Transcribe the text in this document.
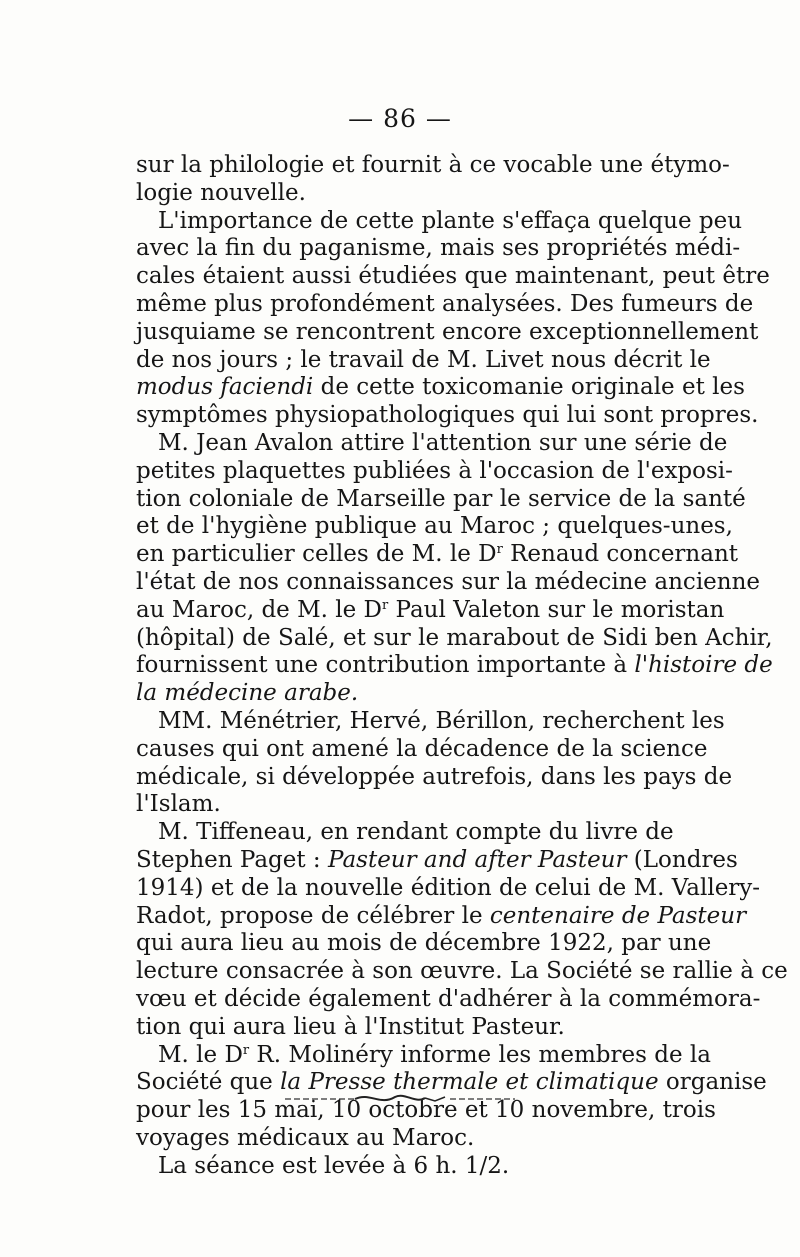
— 86 —
sur la philologie et fournit à ce vocable une étymo-
logie nouvelle.
L'importance de cette plante s'effaça quelque peu
avec la fin du paganisme, mais ses propriétés médi-
cales étaient aussi étudiées que maintenant, peut être
même plus profondément analysées. Des fumeurs de
jusquiame se rencontrent encore exceptionnellement
de nos jours ; le travail de M. Livet nous décrit le
modus faciendi de cette toxicomanie originale et les
symptômes physiopathologiques qui lui sont propres.
M. Jean Avalon attire l'attention sur une série de
petites plaquettes publiées à l'occasion de l'exposi-
tion coloniale de Marseille par le service de la santé
et de l'hygiène publique au Maroc ; quelques-unes,
en particulier celles de M. le $D^r$ Renaud concernant
l'état de nos connaissances sur la médecine ancienne
au Maroc, de M. le $D^r$ Paul Valeton sur le moristan
(hôpital) de Salé, et sur le marabout de Sidi ben Achir,
fournissent une contribution importante à l'histoire de
la médecine arabe.
MM. Ménétrier, Hervé, Bérillon, recherchent les
causes qui ont amené la décadence de la science
médicale, si développée autrefois, dans les pays de
l'Islam.
M. Tiffeneau, en rendant compte du livre de
Stephen Paget : Pasteur and after Pasteur (Londres
1914) et de la nouvelle édition de celui de M. Vallery-
Radot, propose de célébrer le centenaire de Pasteur
qui aura lieu au mois de décembre 1922, par une
lecture consacrée à son œuvre. La Société se rallie à ce
vœu et décide également d'adhérer à la commémora-
tion qui aura lieu à l'Institut Pasteur.
M. le $D^r$ R. Molinéry informe les membres de la
Société que la Presse thermale et climatique organise
pour les 15 mai, 10 octobre et 10 novembre, trois
voyages médicaux au Maroc.
La séance est levée à 6 h. 1/2.
